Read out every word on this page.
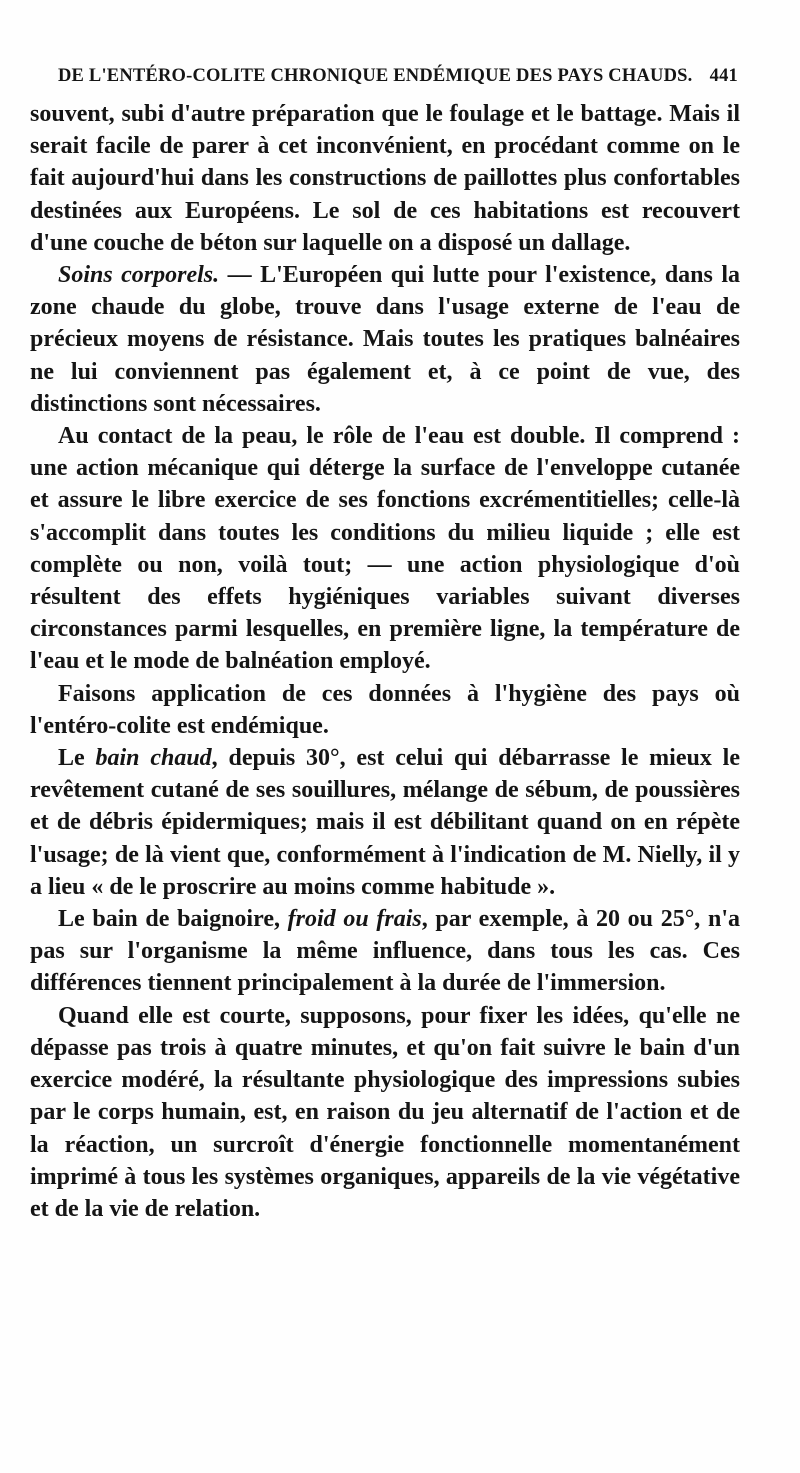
DE L'ENTÉRO-COLITE CHRONIQUE ENDÉMIQUE DES PAYS CHAUDS. 441

souvent, subi d'autre préparation que le foulage et le battage. Mais il serait facile de parer à cet inconvénient, en procédant comme on le fait aujourd'hui dans les constructions de paillottes plus confortables destinées aux Européens. Le sol de ces habitations est recouvert d'une couche de béton sur laquelle on a disposé un dallage.

Soins corporels. — L'Européen qui lutte pour l'existence, dans la zone chaude du globe, trouve dans l'usage externe de l'eau de précieux moyens de résistance. Mais toutes les pratiques balnéaires ne lui conviennent pas également et, à ce point de vue, des distinctions sont nécessaires.

Au contact de la peau, le rôle de l'eau est double. Il comprend : une action mécanique qui déterge la surface de l'enveloppe cutanée et assure le libre exercice de ses fonctions excrémentitielles; celle-là s'accomplit dans toutes les conditions du milieu liquide ; elle est complète ou non, voilà tout; — une action physiologique d'où résultent des effets hygiéniques variables suivant diverses circonstances parmi lesquelles, en première ligne, la température de l'eau et le mode de balnéation employé.

Faisons application de ces données à l'hygiène des pays où l'entéro-colite est endémique.

Le bain chaud, depuis 30°, est celui qui débarrasse le mieux le revêtement cutané de ses souillures, mélange de sébum, de poussières et de débris épidermiques; mais il est débilitant quand on en répète l'usage; de là vient que, conformément à l'indication de M. Nielly, il y a lieu « de le proscrire au moins comme habitude ».

Le bain de baignoire, froid ou frais, par exemple, à 20 ou 25°, n'a pas sur l'organisme la même influence, dans tous les cas. Ces différences tiennent principalement à la durée de l'immersion.

Quand elle est courte, supposons, pour fixer les idées, qu'elle ne dépasse pas trois à quatre minutes, et qu'on fait suivre le bain d'un exercice modéré, la résultante physiologique des impressions subies par le corps humain, est, en raison du jeu alternatif de l'action et de la réaction, un surcroît d'énergie fonctionnelle momentanément imprimé à tous les systèmes organiques, appareils de la vie végétative et de la vie de relation.
